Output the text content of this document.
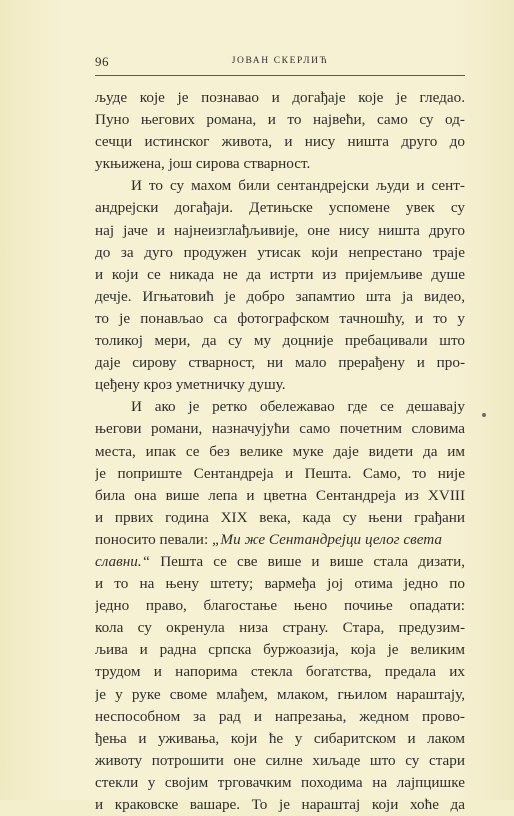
96	ЈОВАН СКЕРЛИЋ
људе које је познавао и догађаје које је гледао.
Пуно његових романа, и то највећи, само су од-
сечци истинског живота, и нису ништа друго до
укњижена, још сирова стварност.
И то су махом били сентандрејски људи и сент-
андрејски догађаји. Детињске успомене увек су
нај јаче и најнеизглађљивије, оне нису ништа друго
до за дуго продужен утисак који непрестано траје
и који се никада не да истрти из пријемљиве душе
дечје. Игњатовић је добро запамтио шта ја видео,
то је понављао са фотографском тачношћу, и то у
толикој мери, да су му доцније пребацивали што
даје сирову стварност, ни мало прерађену и про-
цеђену кроз уметничку душу.
И ако је ретко обележавао где се дешавају
његови романи, назначујући само почетним словима
места, ипак се без велике муке даје видети да им
је поприште Сентандреја и Пешта. Само, то није
била она више лепа и цветна Сентандреја из XVIII
и првих година XIX века, када су њени грађани
поносито певали: „Ми же Сентандрејци целог света
славни.“ Пешта се све више и више стала дизати,
и то на њену штету; вармеђа јој отима једно по
једно право, благостање њено почиње опадати:
кола су окренула низа страну. Стара, предузим-
љива и радна српска буржоазија, која је великим
трудом и напорима стекла богатства, предала их
је у руке своме млађем, млаком, гњилом нараштају,
неспособном за рад и напрезања, жедном прово-
ђења и уживања, који ће у сибаритском и лаком
животу потрошити оне силне хиљаде што су стари
стекли у својим трговачким походима на лајпцишке
и краковске вашаре. То је нараштај који хоће да
